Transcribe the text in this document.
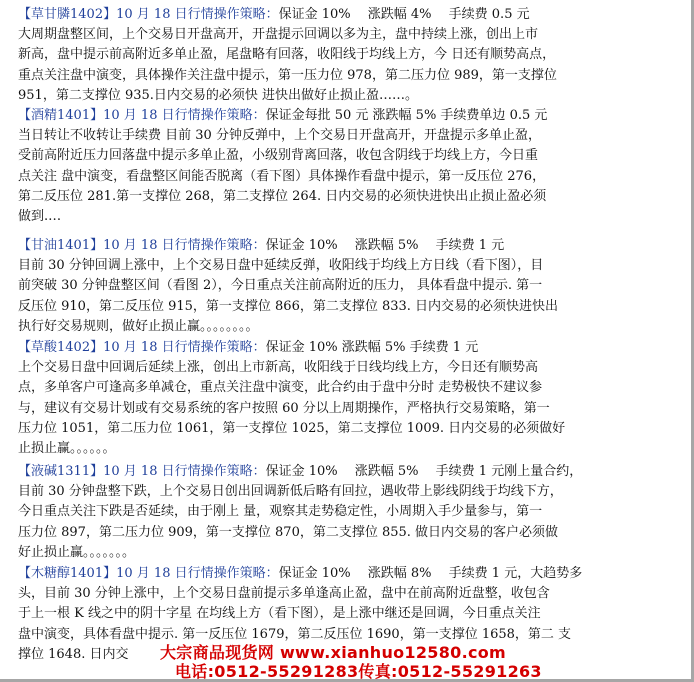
【草甘膦1402】10 月 18 日行情操作策略：保证金 10%　 涨跌幅 4%　 手续费 0.5 元
大周期盘整区间，上个交易日开盘高开，开盘提示回调以多为主，盘中持续上涨，创出上市
新高，盘中提示前高附近多单止盈，尾盘略有回落，收阳线于均线上方，今 日还有顺势高点，
重点关注盘中演变，具体操作关注盘中提示，第一压力位 978，第二压力位 989，第一支撑位
951，第二支撑位 935.日内交易的必须快 进快出做好止损止盈……。
【酒精1401】10 月 18 日行情操作策略：保证金每批 50 元 涨跌幅 5% 手续费单边 0.5 元
当日转让不收转让手续费 目前 30 分钟反弹中，上个交易日开盘高开，开盘提示多单止盈，
受前高附近压力回落盘中提示多单止盈，小级别背离回落，收包含阴线于均线上方，今日重
点关注 盘中演变，看盘整区间能否脱离（看下图）具体操作看盘中提示，第一反压位 276，
第二反压位 281.第一支撑位 268，第二支撑位 264. 日内交易的必须快进快出止损止盈必须
做到.…
【甘油1401】10 月 18 日行情操作策略：保证金 10%　 涨跌幅 5%　 手续费 1 元
目前 30 分钟回调上涨中，上个交易日盘中延续反弹，收阳线于均线上方日线（看下图），目
前突破 30 分钟盘整区间（看图 2），今日重点关注前高附近的压力， 具体看盘中提示. 第一
反压位 910，第二反压位 915，第一支撑位 866，第二支撑位 833. 日内交易的必须快进快出
执行好交易规则，做好止损止赢。。。。。。。。
【草酸1402】10 月 18 日行情操作策略：保证金 10% 涨跌幅 5% 手续费 1 元
上个交易日盘中回调后延续上涨，创出上市新高，收阳线于日线均线上方，今日还有顺势高
点，多单客户可逢高多单减仓，重点关注盘中演变，此合约由于盘中分时 走势极快不建议参
与，建议有交易计划或有交易系统的客户按照 60 分以上周期操作，严格执行交易策略，第一
压力位 1051，第二压力位 1061，第一支撑位 1025，第二支撑位 1009. 日内交易的必须做好
止损止赢。。。。。。
【液碱1311】10 月 18 日行情操作策略：保证金 10%　 涨跌幅 5%　 手续费 1 元刚上量合约，
目前 30 分钟盘整下跌，上个交易日创出回调新低后略有回拉，遇收带上影线阴线于均线下方，
今日重点关注下跌是否延续，由于刚上 量，观察其走势稳定性，小周期入手少量参与，第一
压力位 897，第二压力位 909，第一支撑位 870，第二支撑位 855. 做日内交易的客户必须做
好止损止赢。。。。。。。
【木糖醇1401】10 月 18 日行情操作策略：保证金 10%　 涨跌幅 8%　 手续费 1 元，大趋势多
头，目前 30 分钟上涨中，上个交易日盘前提示多单逢高止盈，盘中在前高附近盘整，收包含
于上一根 K 线之中的阴十字星 在均线上方（看下图），是上涨中继还是回调，今日重点关注
盘中演变，具体看盘中提示. 第一反压位 1679，第二反压位 1690，第一支撑位 1658，第二 支
撑位 1648. 日内交 大宗商品现货网 www.xianhuo12580.com
电话:0512-55291283传真:0512-55291263
